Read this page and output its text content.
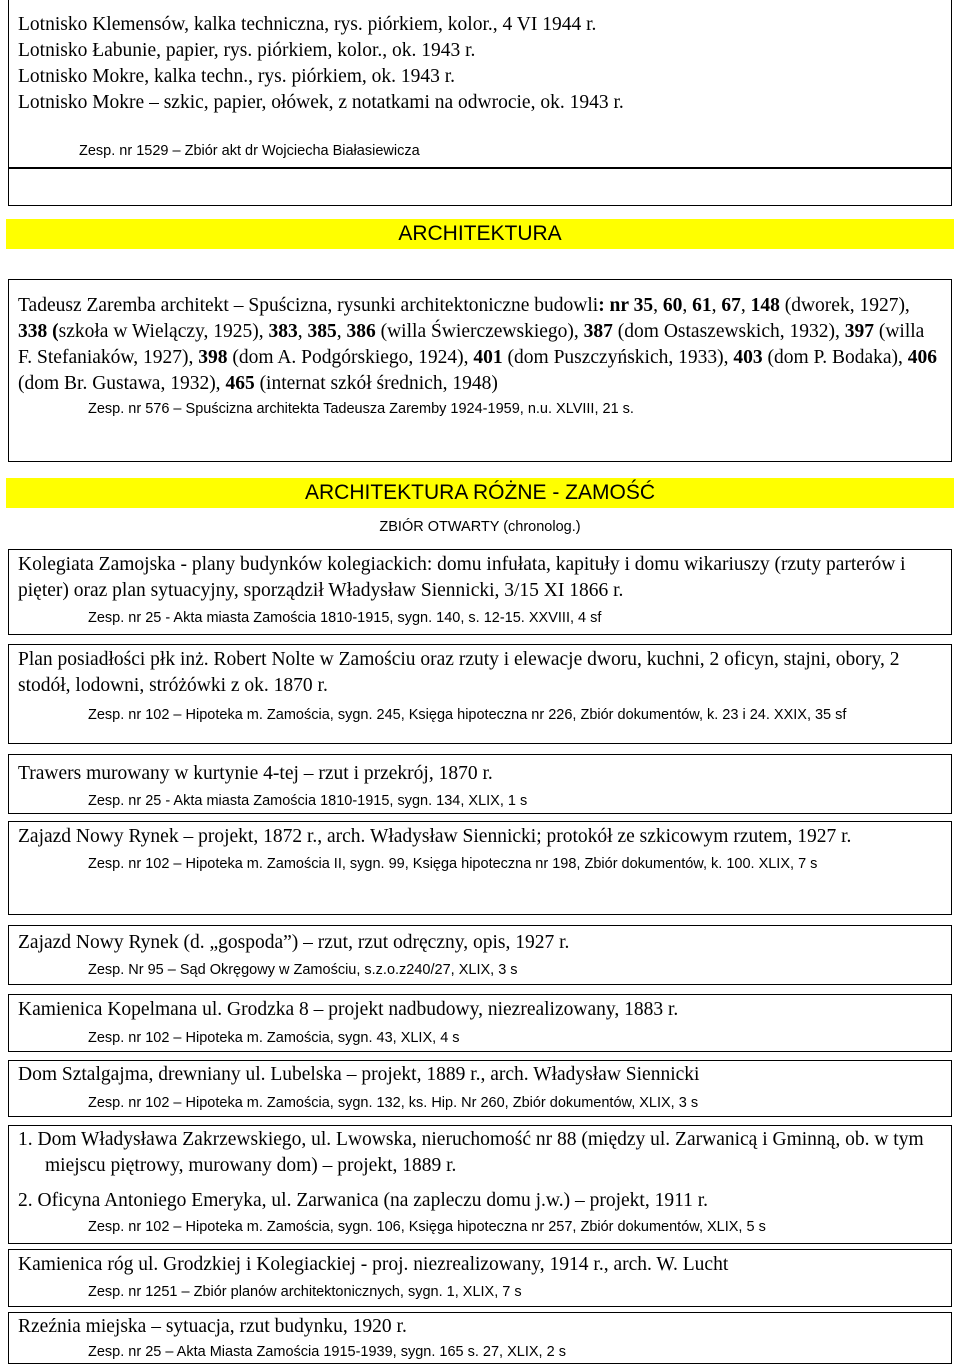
Lotnisko Klemensów, kalka techniczna, rys. piórkiem, kolor., 4 VI 1944 r.
Lotnisko Łabunie, papier, rys. piórkiem, kolor., ok. 1943 r.
Lotnisko Mokre, kalka techn., rys. piórkiem, ok. 1943 r.
Lotnisko Mokre – szkic, papier, ołówek, z notatkami na odwrocie, ok. 1943 r.
Zesp. nr 1529 – Zbiór akt dr Wojciecha Białasiewicza
ARCHITEKTURA

Tadeusz Zaremba architekt – Spuścizna, rysunki architektoniczne budowli: nr 35, 60, 61, 67, 148 (dworek, 1927), 338 (szkoła w Wielączy, 1925), 383, 385, 386 (willa Świerczewskiego), 387 (dom Ostaszewskich, 1932), 397 (willa F. Stefaniaków, 1927), 398 (dom A. Podgórskiego, 1924), 401 (dom Puszczyńskich, 1933), 403 (dom P. Bodaka), 406 (dom Br. Gustawa, 1932), 465 (internat szkół średnich, 1948)

Zesp. nr 576 – Spuścizna architekta Tadeusza Zaremby 1924-1959, n.u. XLVIII, 21 s.
ARCHITEKTURA RÓŻNE - ZAMOŚĆ
ZBIÓR OTWARTY (chronolog.)

Kolegiata Zamojska - plany budynków kolegiackich: domu infułata, kapituły i domu wikariuszy (rzuty parterów i pięter) oraz plan sytuacyjny, sporządził Władysław Siennicki, 3/15 XI 1866 r.

Zesp. nr 25 - Akta miasta Zamościa 1810-1915, sygn. 140, s. 12-15. XXVIII, 4 sf

Plan posiadłości płk inż. Robert Nolte w Zamościu oraz rzuty i elewacje dworu, kuchni, 2 oficyn, stajni, obory, 2 stodół, lodowni, stróżówki z ok. 1870 r.

Zesp. nr 102 – Hipoteka m. Zamościa, sygn. 245, Księga hipoteczna nr 226, Zbiór dokumentów, k. 23 i 24. XXIX, 35 sf

Trawers murowany w kurtynie 4-tej – rzut i przekrój, 1870 r.

Zesp. nr 25 - Akta miasta Zamościa 1810-1915, sygn. 134, XLIX, 1 s

Zajazd Nowy Rynek – projekt, 1872 r., arch. Władysław Siennicki; protokół ze szkicowym rzutem, 1927 r.

Zesp. nr 102 – Hipoteka m. Zamościa II, sygn. 99, Księga hipoteczna nr 198, Zbiór dokumentów, k. 100. XLIX, 7 s

Zajazd Nowy Rynek (d. „gospoda”) – rzut, rzut odręczny, opis, 1927 r.

Zesp. Nr 95 – Sąd Okręgowy w Zamościu, s.z.o.z240/27, XLIX, 3 s

Kamienica Kopelmana ul. Grodzka 8 – projekt nadbudowy, niezrealizowany, 1883 r.

Zesp. nr 102 – Hipoteka m. Zamościa, sygn. 43, XLIX, 4 s

Dom Sztalgajma, drewniany ul. Lubelska – projekt, 1889 r., arch. Władysław Siennicki

Zesp. nr 102 – Hipoteka m. Zamościa, sygn. 132, ks. Hip. Nr 260, Zbiór dokumentów, XLIX, 3 s

1. Dom Władysława Zakrzewskiego, ul. Lwowska, nieruchomość nr 88 (między ul. Zarwanicą i Gminną, ob. w tym miejscu piętrowy, murowany dom) – projekt, 1889 r.

2. Oficyna Antoniego Emeryka, ul. Zarwanica (na zapleczu domu j.w.) – projekt, 1911 r.

Zesp. nr 102 – Hipoteka m. Zamościa, sygn. 106, Księga hipoteczna nr 257, Zbiór dokumentów, XLIX, 5 s

Kamienica róg ul. Grodzkiej i Kolegiackiej - proj. niezrealizowany, 1914 r., arch. W. Lucht

Zesp. nr 1251 – Zbiór planów architektonicznych, sygn. 1, XLIX, 7 s

Rzeźnia miejska – sytuacja, rzut budynku, 1920 r.

Zesp. nr 25 – Akta Miasta Zamościa 1915-1939, sygn. 165 s. 27, XLIX, 2 s
